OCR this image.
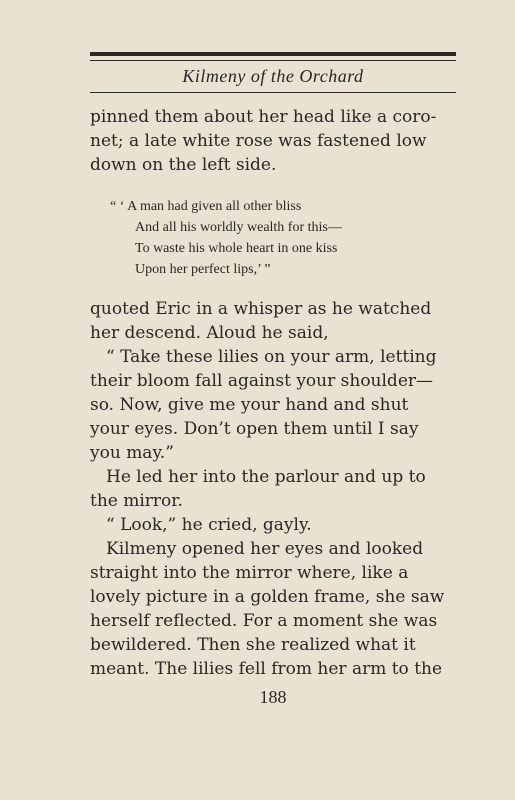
Kilmeny of the Orchard
pinned them about her head like a coro-
net; a late white rose was fastened low
down on the left side.
“ ‘ A man had given all other bliss
And all his worldly wealth for this—
To waste his whole heart in one kiss
Upon her perfect lips,’ ”
quoted Eric in a whisper as he watched
her descend. Aloud he said,
“ Take these lilies on your arm, letting
their bloom fall against your shoulder—
so. Now, give me your hand and shut
your eyes. Don’t open them until I say
you may.”
He led her into the parlour and up to
the mirror.
“ Look,” he cried, gayly.
Kilmeny opened her eyes and looked
straight into the mirror where, like a
lovely picture in a golden frame, she saw
herself reflected. For a moment she was
bewildered. Then she realized what it
meant. The lilies fell from her arm to the
188
